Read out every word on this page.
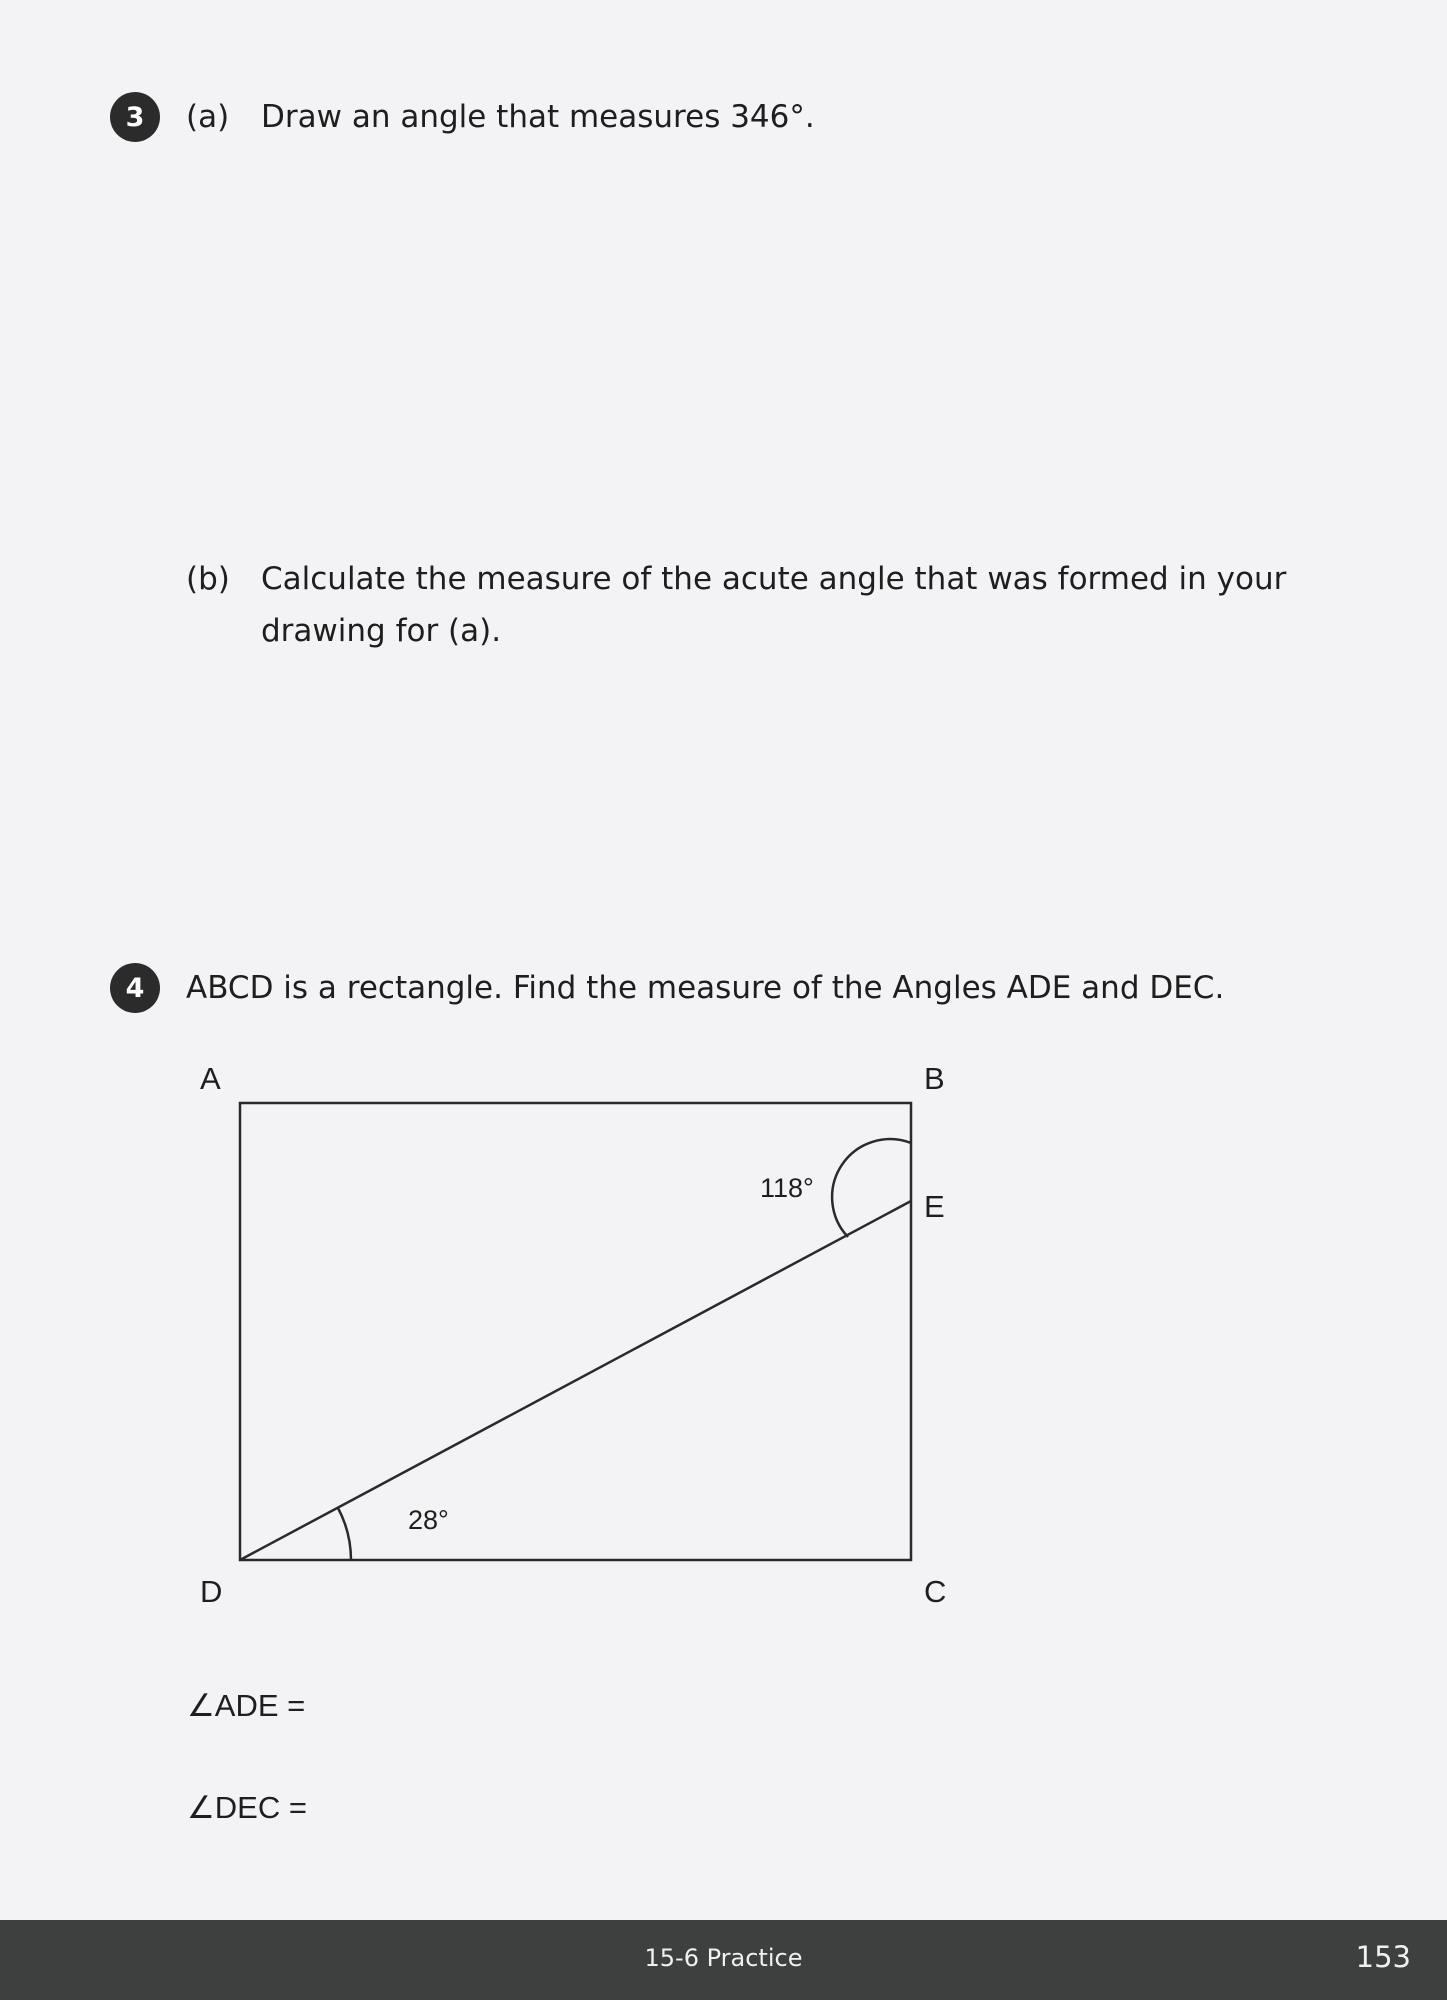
3 (a) Draw an angle that measures 346°.
(b) Calculate the measure of the acute angle that was formed in your
drawing for (a).
4 ABCD is a rectangle. Find the measure of the Angles ADE and DEC.
A	B
C
D
E
118°
28°
∠ADE =
∠DEC =
15-6 Practice	153
